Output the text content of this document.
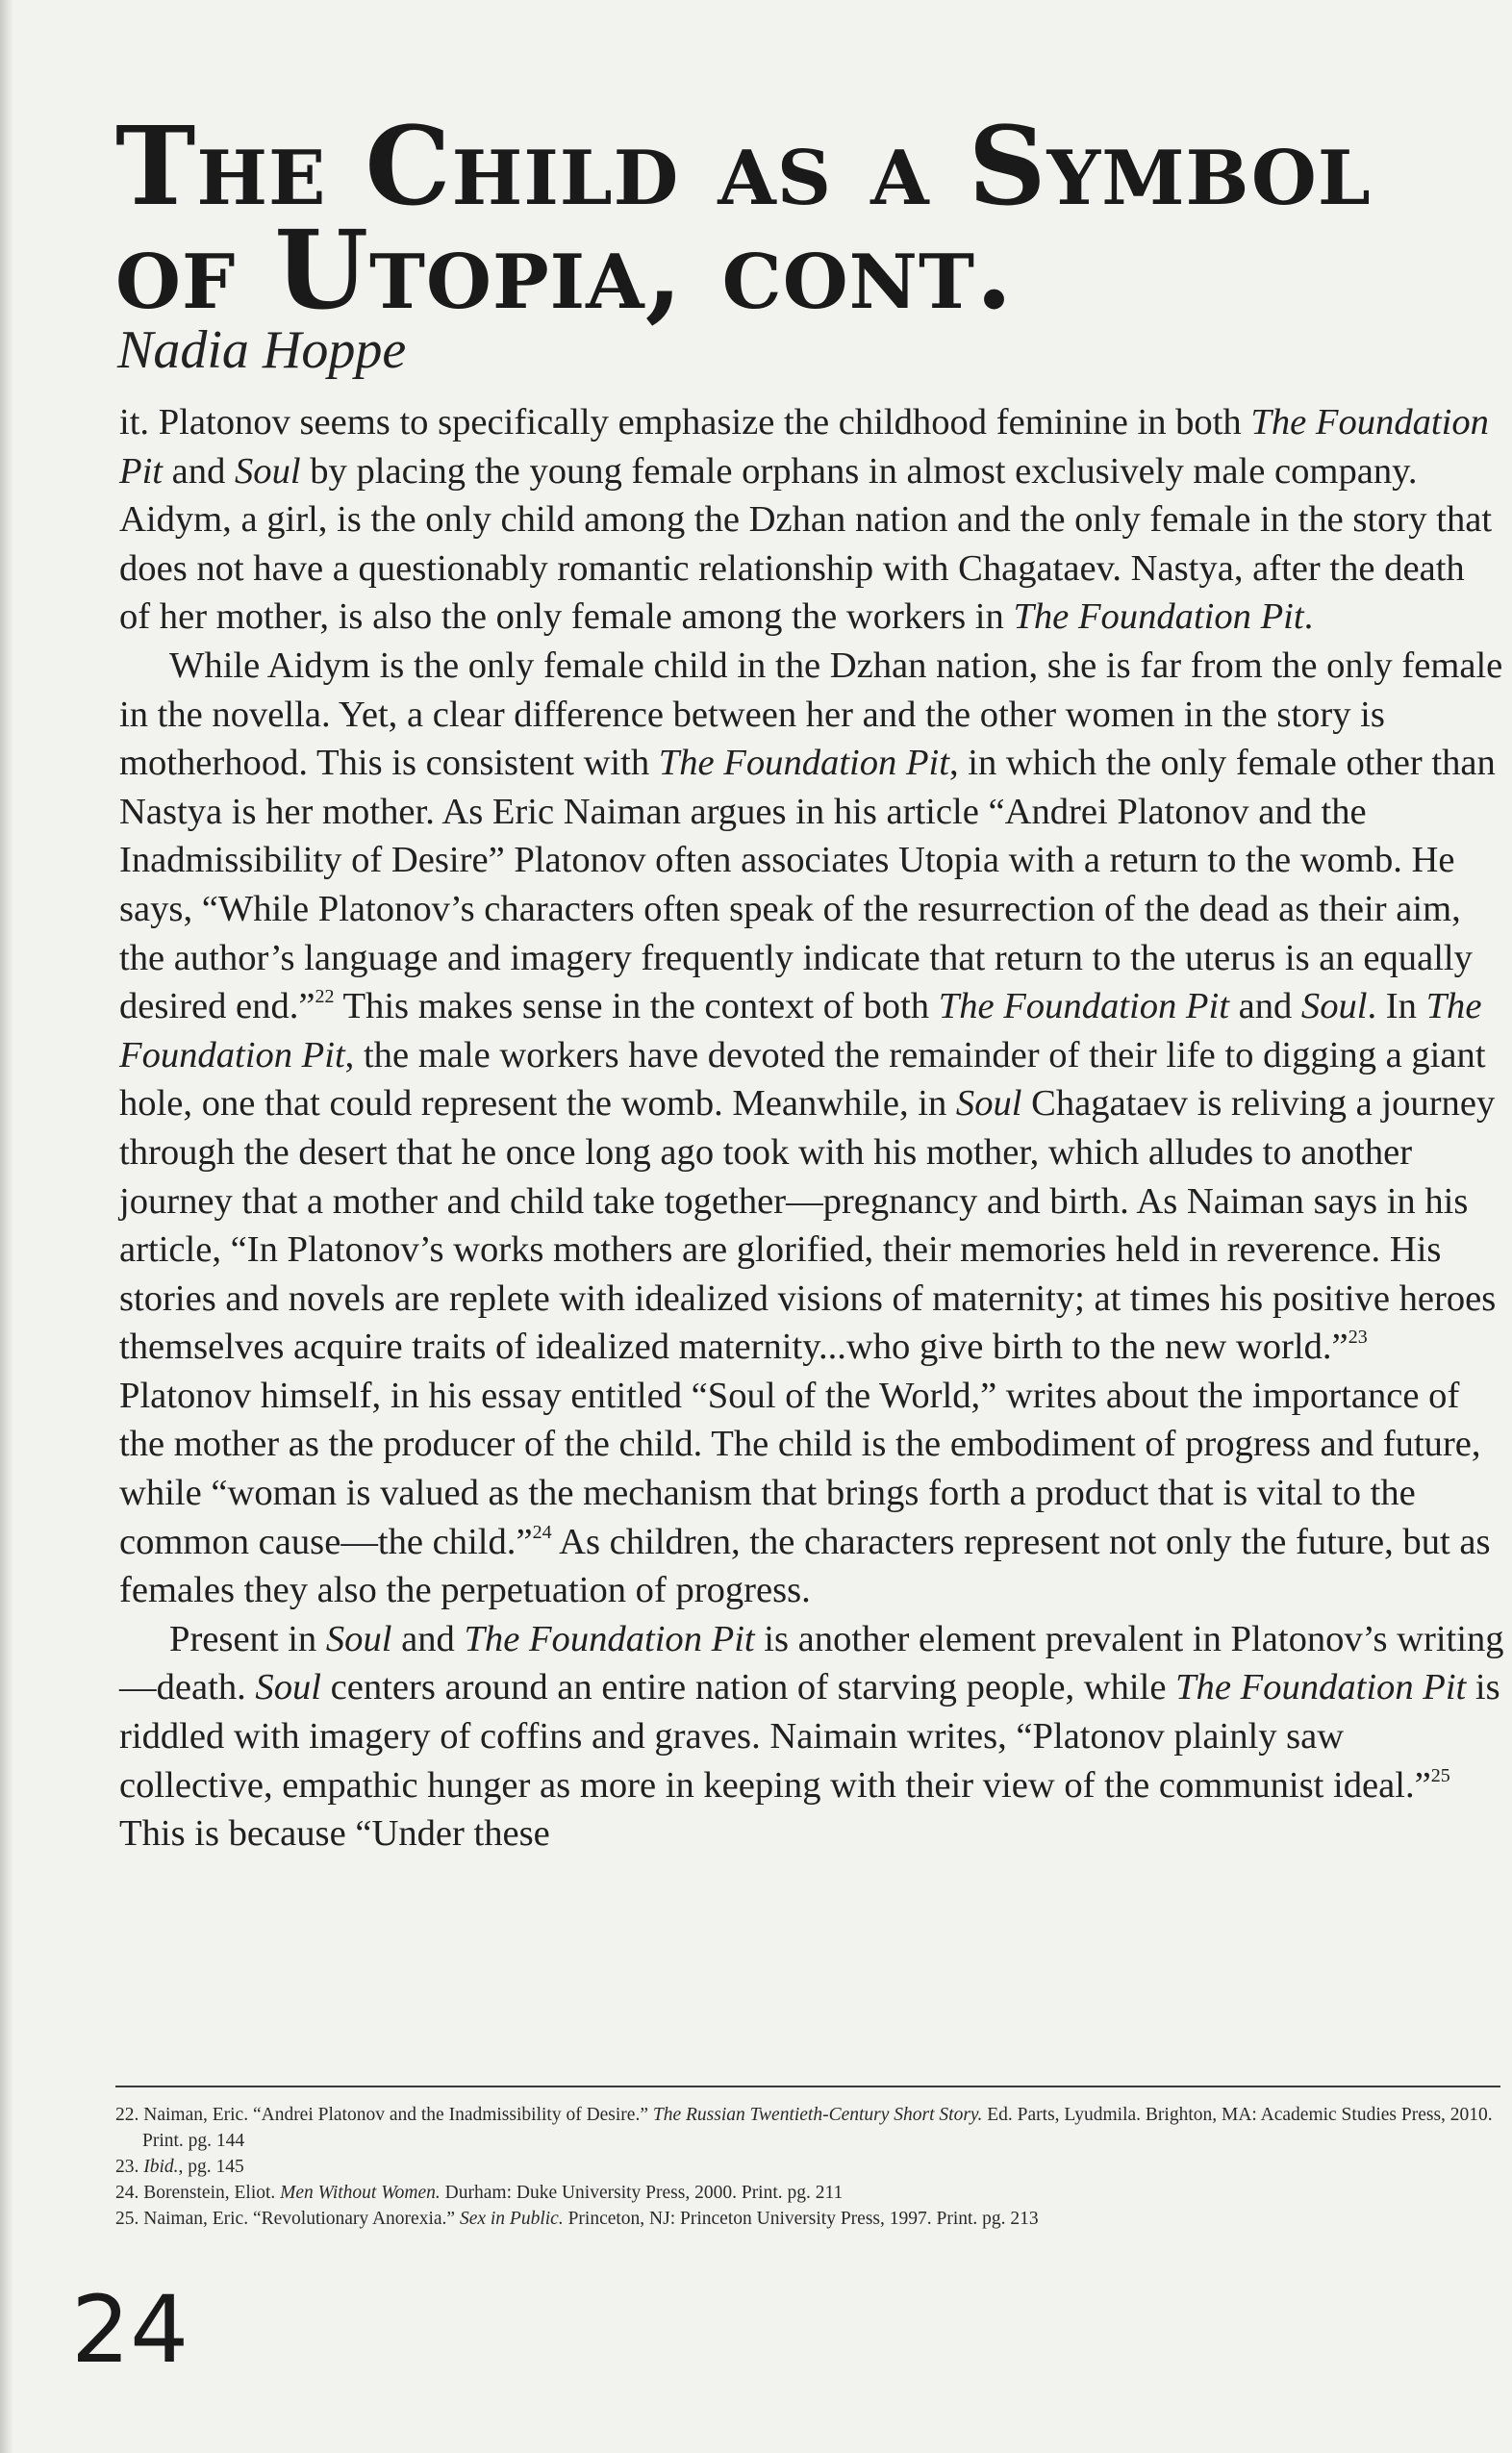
The Child as a Symbol
of Utopia, cont.
Nadia Hoppe

it. Platonov seems to specifically emphasize the childhood feminine in both The Foundation Pit and Soul by placing the young female orphans in almost exclusively male company. Aidym, a girl, is the only child among the Dzhan nation and the only female in the story that does not have a questionably romantic relationship with Chagataev. Nastya, after the death of her mother, is also the only female among the workers in The Foundation Pit.

While Aidym is the only female child in the Dzhan nation, she is far from the only female in the novella. Yet, a clear difference between her and the other women in the story is motherhood. This is consistent with The Foundation Pit, in which the only female other than Nastya is her mother. As Eric Naiman argues in his article “Andrei Platonov and the Inadmissibility of Desire” Platonov often associates Utopia with a return to the womb. He says, “While Platonov’s characters often speak of the resurrection of the dead as their aim, the author’s language and imagery frequently indicate that return to the uterus is an equally desired end.”$^{22}$ This makes sense in the context of both The Foundation Pit and Soul. In The Foundation Pit, the male workers have devoted the remainder of their life to digging a giant hole, one that could represent the womb. Meanwhile, in Soul Chagataev is reliving a journey through the desert that he once long ago took with his mother, which alludes to another journey that a mother and child take together—pregnancy and birth. As Naiman says in his article, “In Platonov’s works mothers are glorified, their memories held in reverence. His stories and novels are replete with idealized visions of maternity; at times his positive heroes themselves acquire traits of idealized maternity...who give birth to the new world.”$^{23}$ Platonov himself, in his essay entitled “Soul of the World,” writes about the importance of the mother as the producer of the child. The child is the embodiment of progress and future, while “woman is valued as the mechanism that brings forth a product that is vital to the common cause—the child.”$^{24}$ As children, the characters represent not only the future, but as females they also the perpetuation of progress.

Present in Soul and The Foundation Pit is another element prevalent in Platonov’s writing—death. Soul centers around an entire nation of starving people, while The Foundation Pit is riddled with imagery of coffins and graves. Naimain writes, “Platonov plainly saw collective, empathic hunger as more in keeping with their view of the communist ideal.”$^{25}$ This is because “Under these

22. Naiman, Eric. “Andrei Platonov and the Inadmissibility of Desire.” The Russian Twentieth-Century Short Story. Ed. Parts, Lyudmila. Brighton, MA: Academic Studies Press, 2010. Print. pg. 144
23. Ibid., pg. 145
24. Borenstein, Eliot. Men Without Women. Durham: Duke University Press, 2000. Print. pg. 211
25. Naiman, Eric. “Revolutionary Anorexia.” Sex in Public. Princeton, NJ: Princeton University Press, 1997. Print. pg. 213
24
